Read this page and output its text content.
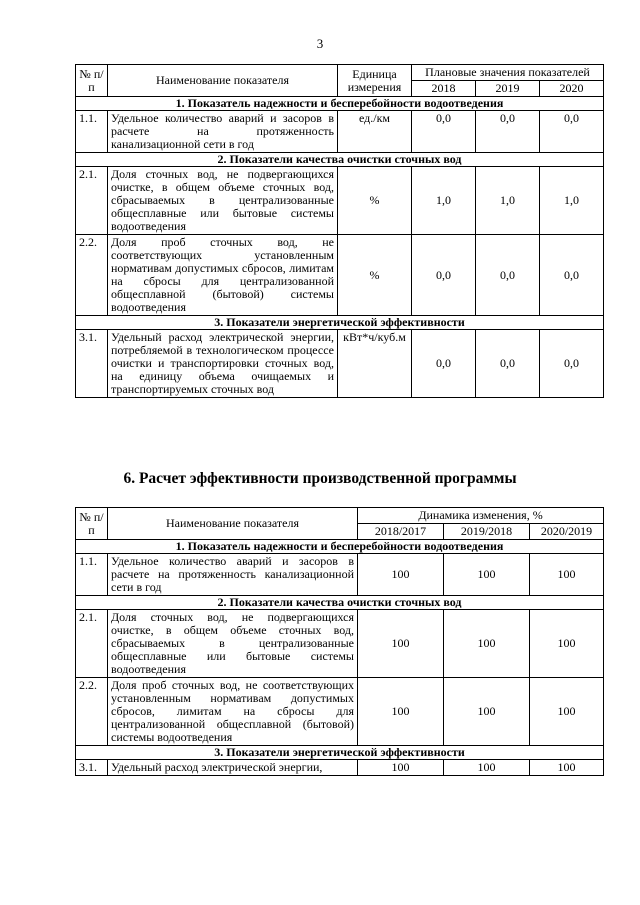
3
№ п/п	Наименование показателя	Единица измерения	Плановые значения показателей		
			2018	2019	2020
1. Показатель надежности и бесперебойности водоотведения					
1.1.	Удельное количество аварий и засоров в расчете на протяженность канализационной сети в год	ед./км	0,0	0,0	0,0
2. Показатели качества очистки сточных вод					
2.1.	Доля сточных вод, не подвергающихся очистке, в общем объеме сточных вод, сбрасываемых в централизованные общесплавные или бытовые системы водоотведения	%	1,0	1,0	1,0
2.2.	Доля проб сточных вод, не соответствующих установленным нормативам допустимых сбросов, лимитам на сбросы для централизованной общесплавной (бытовой) системы водоотведения	%	0,0	0,0	0,0
3. Показатели энергетической эффективности					
3.1.	Удельный расход электрической энергии, потребляемой в технологическом процессе очистки и транспортировки сточных вод, на единицу объема очищаемых и транспортируемых сточных вод	кВт*ч/куб.м	0,0	0,0	0,0
6. Расчет эффективности производственной программы
№ п/п	Наименование показателя	Динамика изменения, %		
		2018/2017	2019/2018	2020/2019
1. Показатель надежности и бесперебойности водоотведения				
1.1.	Удельное количество аварий и засоров в расчете на протяженность канализационной сети в год	100	100	100
2. Показатели качества очистки сточных вод				
2.1.	Доля сточных вод, не подвергающихся очистке, в общем объеме сточных вод, сбрасываемых в централизованные общесплавные или бытовые системы водоотведения	100	100	100
2.2.	Доля проб сточных вод, не соответствующих установленным нормативам допустимых сбросов, лимитам на сбросы для централизованной общесплавной (бытовой) системы водоотведения	100	100	100
3. Показатели энергетической эффективности				
3.1.	Удельный расход электрической энергии,	100	100	100
